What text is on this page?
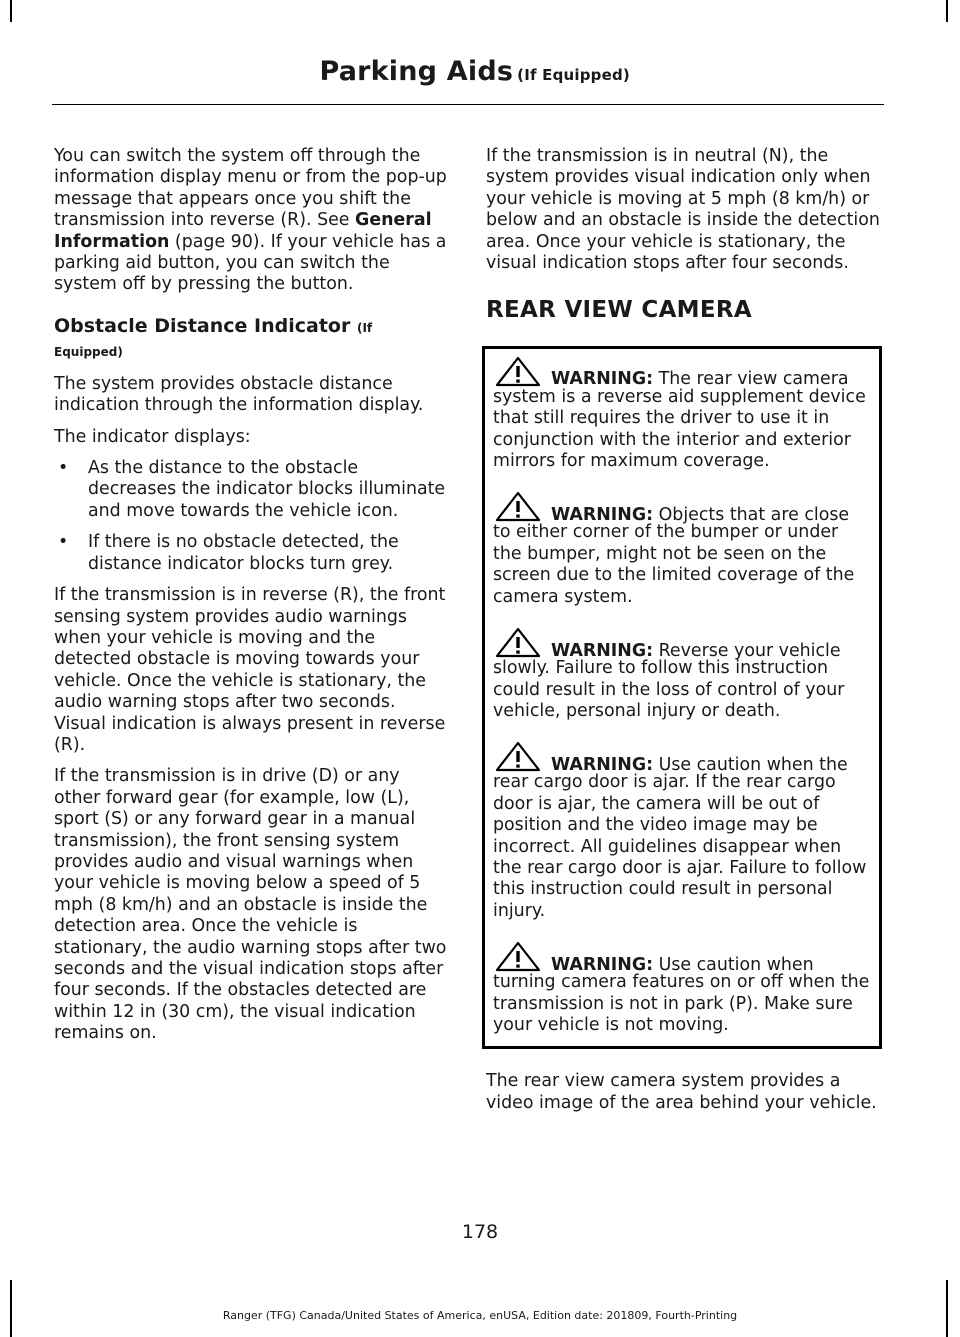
Parking Aids (If Equipped)

You can switch the system off through the information display menu or from the pop-up message that appears once you shift the transmission into reverse (R). See General Information (page 90). If your vehicle has a parking aid button, you can switch the system off by pressing the button.

Obstacle Distance Indicator (If
Equipped)

The system provides obstacle distance indication through the information display.

The indicator displays:

• As the distance to the obstacle decreases the indicator blocks illuminate and move towards the vehicle icon.
• If there is no obstacle detected, the distance indicator blocks turn grey.

If the transmission is in reverse (R), the front sensing system provides audio warnings when your vehicle is moving and the detected obstacle is moving towards your vehicle. Once the vehicle is stationary, the audio warning stops after two seconds. Visual indication is always present in reverse (R).

If the transmission is in drive (D) or any other forward gear (for example, low (L), sport (S) or any forward gear in a manual transmission), the front sensing system provides audio and visual warnings when your vehicle is moving below a speed of 5 mph (8 km/h) and an obstacle is inside the detection area. Once the vehicle is stationary, the audio warning stops after two seconds and the visual indication stops after four seconds. If the obstacles detected are within 12 in (30 cm), the visual indication remains on.

If the transmission is in neutral (N), the system provides visual indication only when your vehicle is moving at 5 mph (8 km/h) or below and an obstacle is inside the detection area. Once your vehicle is stationary, the visual indication stops after four seconds.

REAR VIEW CAMERA
WARNING: The rear view camera
system is a reverse aid supplement device that still requires the driver to use it in conjunction with the interior and exterior mirrors for maximum coverage.
WARNING: Objects that are close
to either corner of the bumper or under the bumper, might not be seen on the screen due to the limited coverage of the camera system.
WARNING: Reverse your vehicle
slowly. Failure to follow this instruction could result in the loss of control of your vehicle, personal injury or death.
WARNING: Use caution when the
rear cargo door is ajar. If the rear cargo door is ajar, the camera will be out of position and the video image may be incorrect. All guidelines disappear when the rear cargo door is ajar. Failure to follow this instruction could result in personal injury.
WARNING: Use caution when
turning camera features on or off when the transmission is not in park (P). Make sure your vehicle is not moving.

The rear view camera system provides a video image of the area behind your vehicle.

178
Ranger (TFG) Canada/United States of America, enUSA, Edition date: 201809, Fourth-Printing
